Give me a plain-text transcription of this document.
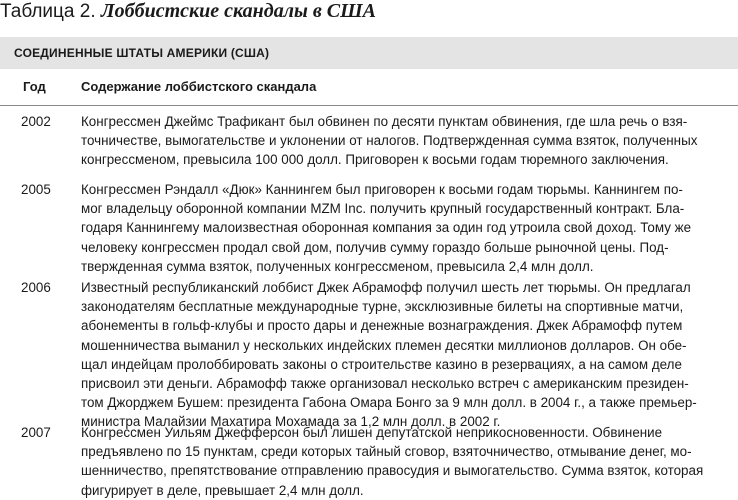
Таблица 2. Лоббистские скандалы в США
СОЕДИНЕННЫЕ ШТАТЫ АМЕРИКИ (США)
Год	Содержание лоббистского скандала
2002 Конгрессмен Джеймс Трафикант был обвинен по десяти пунктам обвинения, где шла речь о взя-
точничестве, вымогательстве и уклонении от налогов. Подтвержденная сумма взяток, полученных
конгрессменом, превысила 100 000 долл. Приговорен к восьми годам тюремного заключения.
2005 Конгрессмен Рэндалл «Дюк» Каннингем был приговорен к восьми годам тюрьмы. Каннингем по-
мог владельцу оборонной компании MZM Inc. получить крупный государственный контракт. Бла-
годаря Каннингему малоизвестная оборонная компания за один год утроила свой доход. Тому же
человеку конгрессмен продал свой дом, получив сумму гораздо больше рыночной цены. Под-
твержденная сумма взяток, полученных конгрессменом, превысила 2,4 млн долл.
2006 Известный республиканский лоббист Джек Абрамофф получил шесть лет тюрьмы. Он предлагал
законодателям бесплатные международные турне, эксклюзивные билеты на спортивные матчи,
абонементы в гольф-клубы и просто дары и денежные вознаграждения. Джек Абрамофф путем
мошенничества выманил у нескольких индейских племен десятки миллионов долларов. Он обе-
щал индейцам пролоббировать законы о строительстве казино в резервациях, а на самом деле
присвоил эти деньги. Абрамофф также организовал несколько встреч с американским президен-
том Джорджем Бушем: президента Габона Омара Бонго за 9 млн долл. в 2004 г., а также премьер-
министра Малайзии Махатира Мохамада за 1,2 млн долл. в 2002 г.
2007 Конгрессмен Уильям Джефферсон был лишен депутатской неприкосновенности. Обвинение
предъявлено по 15 пунктам, среди которых тайный сговор, взяточничество, отмывание денег, мо-
шенничество, препятствование отправлению правосудия и вымогательство. Сумма взяток, которая
фигурирует в деле, превышает 2,4 млн долл.
